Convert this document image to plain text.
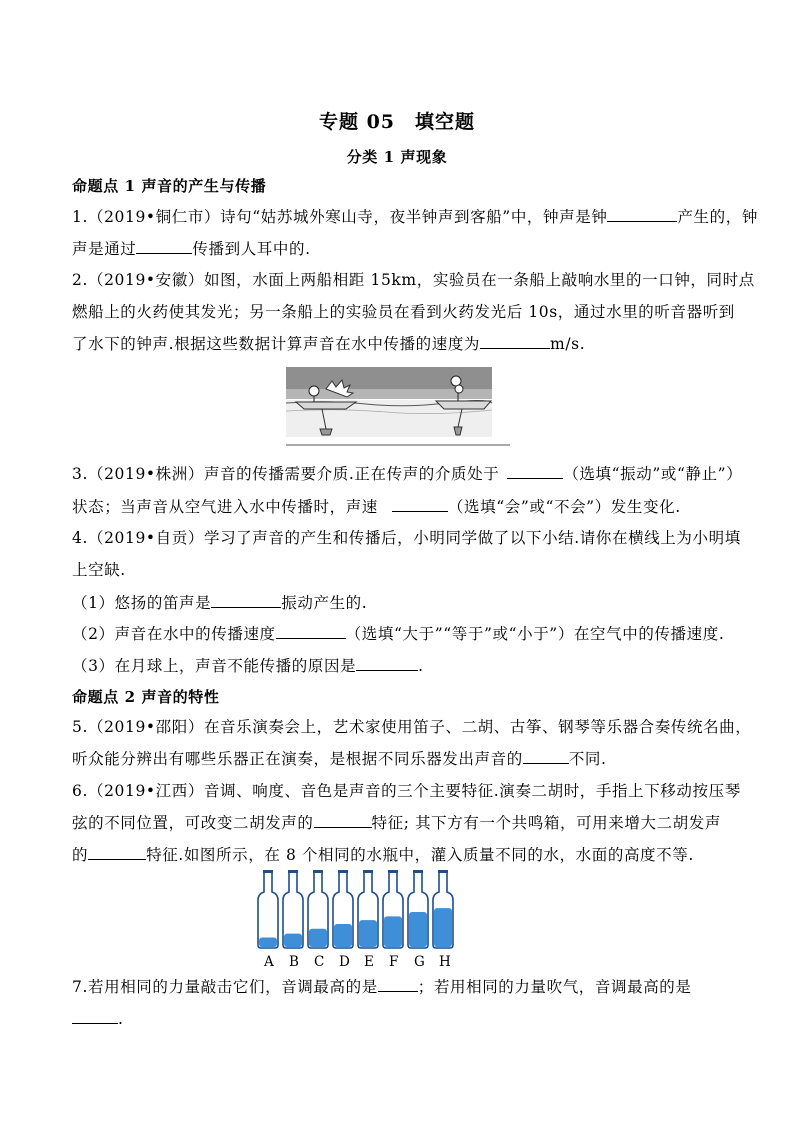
专题 05　填空题
分类 1 声现象
命题点 1 声音的产生与传播
1.（2019•铜仁市）诗句“姑苏城外寒山寺，夜半钟声到客船”中，钟声是钟	产生的，钟
声是通过	传播到人耳中的.
2.（2019•安徽）如图，水面上两船相距 15km，实验员在一条船上敲响水里的一口钟，同时点
燃船上的火药使其发光；另一条船上的实验员在看到火药发光后 10s，通过水里的听音器听到
了水下的钟声.根据这些数据计算声音在水中传播的速度为	m/s.
3.（2019•株洲）声音的传播需要介质.正在传声的介质处于	（选填“振动”或“静止”）
状态；当声音从空气进入水中传播时，声速	（选填“会”或“不会”）发生变化.
4.（2019•自贡）学习了声音的产生和传播后，小明同学做了以下小结.请你在横线上为小明填
上空缺.
（1）悠扬的笛声是	振动产生的.
（2）声音在水中的传播速度	（选填“大于”“等于”或“小于”）在空气中的传播速度.
（3）在月球上，声音不能传播的原因是	.
命题点 2 声音的特性
5.（2019•邵阳）在音乐演奏会上，艺术家使用笛子、二胡、古筝、钢琴等乐器合奏传统名曲，
听众能分辨出有哪些乐器正在演奏，是根据不同乐器发出声音的	不同.
6.（2019•江西）音调、响度、音色是声音的三个主要特征.演奏二胡时，手指上下移动按压琴
弦的不同位置，可改变二胡发声的	特征; 其下方有一个共鸣箱，可用来增大二胡发声
的	特征.如图所示，在 8 个相同的水瓶中，灌入质量不同的水，水面的高度不等.
A B C D E F G H
7.若用相同的力量敲击它们，音调最高的是	；若用相同的力量吹气，音调最高的是
.
